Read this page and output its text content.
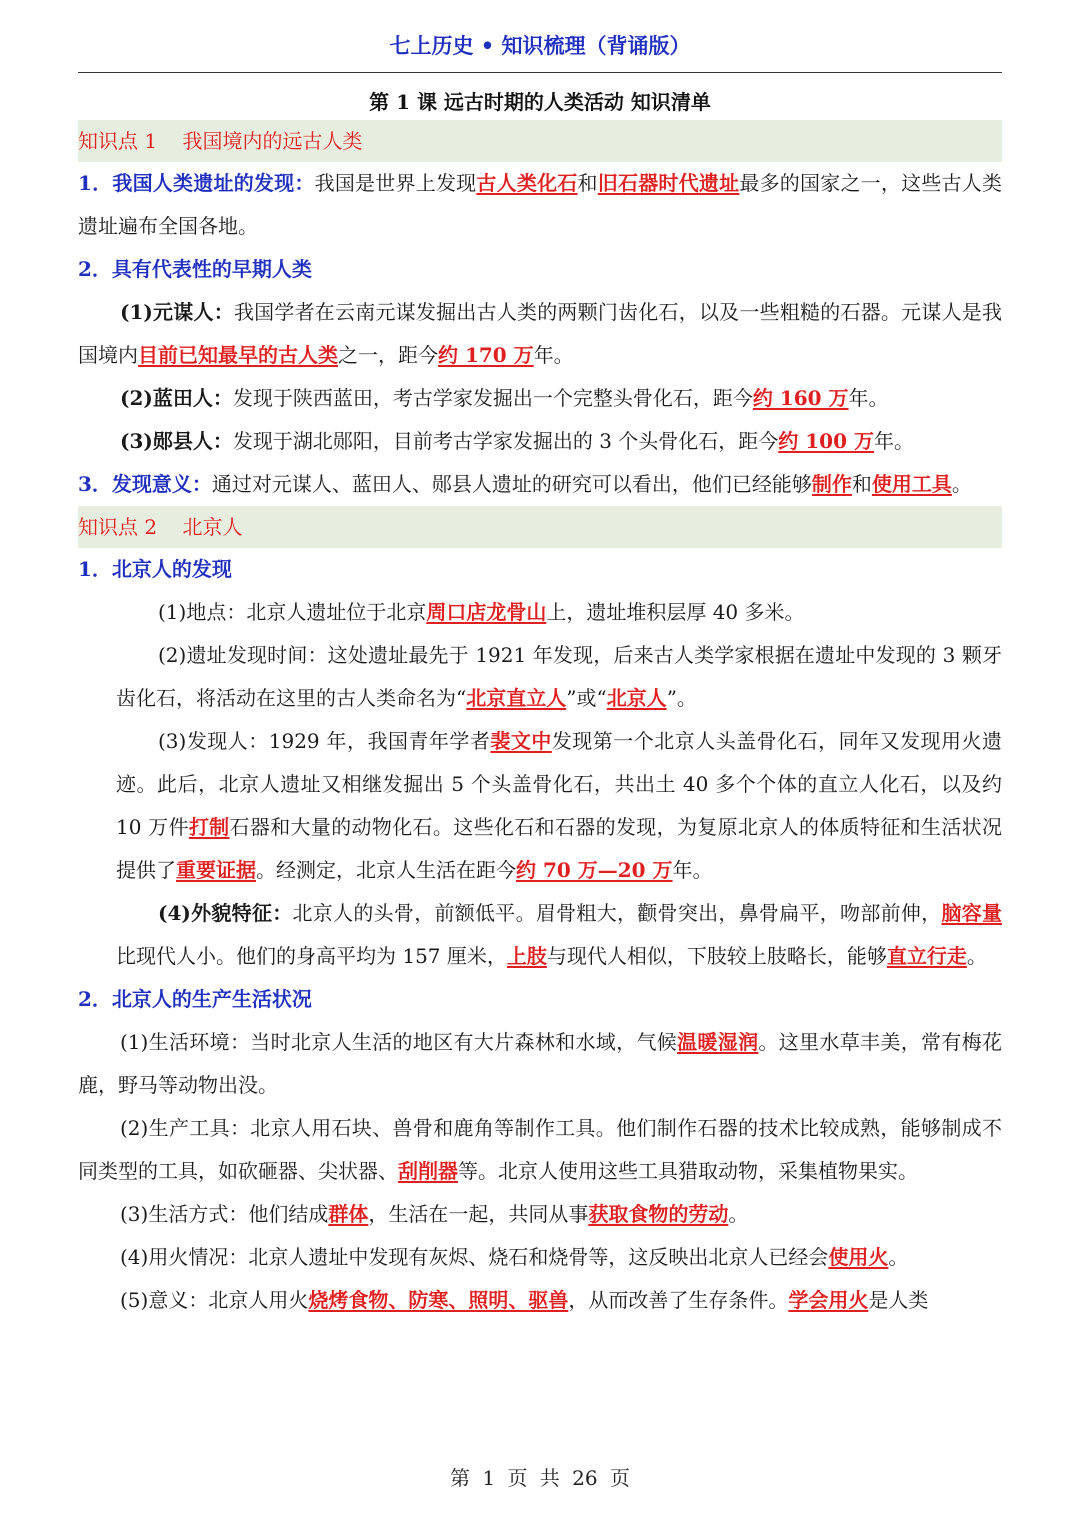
七上历史 • 知识梳理（背诵版）
第 1 课 远古时期的人类活动 知识清单
知识点 1    我国境内的远古人类

1．我国人类遗址的发现：我国是世界上发现古人类化石和旧石器时代遗址最多的国家之一，这些古人类遗址遍布全国各地。

2．具有代表性的早期人类

(1)元谋人：我国学者在云南元谋发掘出古人类的两颗门齿化石，以及一些粗糙的石器。元谋人是我国境内目前已知最早的古人类之一，距今约 170 万年。

(2)蓝田人：发现于陕西蓝田，考古学家发掘出一个完整头骨化石，距今约 160 万年。

(3)郧县人：发现于湖北郧阳，目前考古学家发掘出的 3 个头骨化石，距今约 100 万年。

3．发现意义：通过对元谋人、蓝田人、郧县人遗址的研究可以看出，他们已经能够制作和使用工具。

知识点 2    北京人

1．北京人的发现

(1)地点：北京人遗址位于北京周口店龙骨山上，遗址堆积层厚 40 多米。

(2)遗址发现时间：这处遗址最先于 1921 年发现，后来古人类学家根据在遗址中发现的 3 颗牙齿化石，将活动在这里的古人类命名为“北京直立人”或“北京人”。

(3)发现人：1929 年，我国青年学者裴文中发现第一个北京人头盖骨化石，同年又发现用火遗迹。此后，北京人遗址又相继发掘出 5 个头盖骨化石，共出土 40 多个个体的直立人化石，以及约 10 万件打制石器和大量的动物化石。这些化石和石器的发现，为复原北京人的体质特征和生活状况提供了重要证据。经测定，北京人生活在距今约 70 万—20 万年。

(4)外貌特征：北京人的头骨，前额低平。眉骨粗大，颧骨突出，鼻骨扁平，吻部前伸，脑容量比现代人小。他们的身高平均为 157 厘米，上肢与现代人相似，下肢较上肢略长，能够直立行走。

2．北京人的生产生活状况

(1)生活环境：当时北京人生活的地区有大片森林和水域，气候温暖湿润。这里水草丰美，常有梅花鹿，野马等动物出没。

(2)生产工具：北京人用石块、兽骨和鹿角等制作工具。他们制作石器的技术比较成熟，能够制成不同类型的工具，如砍砸器、尖状器、刮削器等。北京人使用这些工具猎取动物，采集植物果实。

(3)生活方式：他们结成群体，生活在一起，共同从事获取食物的劳动。

(4)用火情况：北京人遗址中发现有灰烬、烧石和烧骨等，这反映出北京人已经会使用火。

(5)意义：北京人用火烧烤食物、防寒、照明、驱兽，从而改善了生存条件。学会用火是人类

第 1 页 共 26 页
